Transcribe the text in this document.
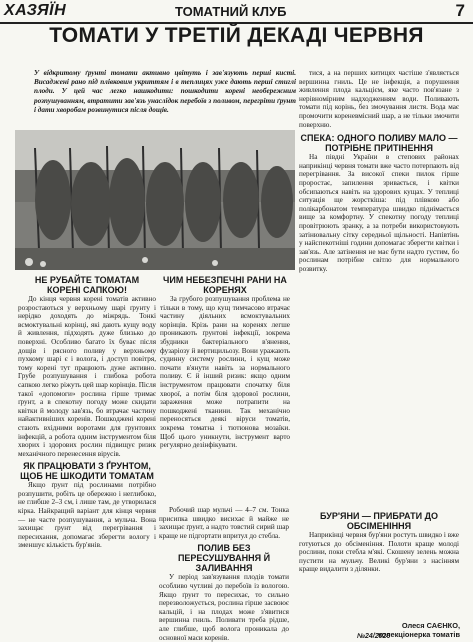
ХАЗЯЇН	ТОМАТНИЙ КЛУБ	7
ТОМАТИ У ТРЕТІЙ ДЕКАДІ ЧЕРВНЯ
У відкритому ґрунті томати активно цвітуть і зав'язують перші кисті. Висаджені рано під плівковим укриттям і в теплицях уже дають перші стиглі плоди. У цей час легко нашкодити: пошкодити корені необережним розпушуванням, втратити зав'язь унаслідок перебоїв з поливом, перегріти ґрунт і дати хворобам розвинутися після дощів.
НЕ РУБАЙТЕ ТОМАТАМ КОРЕНІ САПКОЮ!

До кінця червня корені томатів активно розростаються у верхньому шарі ґрунту і нерідко доходять до міжрядь. Тонкі всмоктувальні корінці, які дають кущу воду й живлення, підходять дуже близько до поверхні. Особливо багато їх буває після дощів і рясного поливу у верхньому пухкому шарі є і волога, і доступ повітря, тому корені тут працюють дуже активно. Грубе розпушування і глибока робота сапкою легко ріжуть цей шар корінців. Після такої «допомоги» рослина гірше тримає ґрунт, а в спекотну погоду може скидати квітки й молоду зав'язь, бо втрачає частину найактивніших коренів. Пошкоджені корені стають вхідними воротами для ґрунтових інфекцій, а робота одним інструментом біля хворих і здорових рослин підвищує ризик механічного перенесення вірусів.

ЯК ПРАЦЮВАТИ З ҐРУНТОМ, ЩОБ НЕ ШКОДИТИ ТОМАТАМ

Якщо ґрунт під рослинами потрібно розпушити, робіть це обережно і неглибоко, не глибше 2–3 см, і лише там, де утворилася кірка. Найкращий варіант для кінця червня — не часте розпушування, а мульча. Вона захищає ґрунт від перегрівання і пересихання, допомагає зберегти вологу і зменшує кількість бур'янів.

ЧИМ НЕБЕЗПЕЧНІ РАНИ НА КОРЕНЯХ

За грубого розпушування проблема не тільки в тому, що кущ тимчасово втрачає частину діяльних всмоктувальних корінців. Крізь рани на коренях легше проникають ґрунтові інфекції, зокрема збудники бактеріального в'янення, фузаріозу й вертицильозу. Вони уражають судинну систему рослини, і кущ може почати в'янути навіть за нормального поливу. Є й інший ризик: якщо одним інструментом працювати спочатку біля хворої, а потім біля здорової рослини, зараження може потрапити на пошкоджені тканини. Так механічно переносяться деякі віруси томатів, зокрема томатна і тютюнова мозаїки. Щоб цього уникнути, інструмент варто регулярно дезінфікувати.

Робочий шар мульчі — 4–7 см. Тонка присипка швидко висихає й майже не захищає ґрунт, а надто товстий сирий шар краще не підгортати впритул до стебла.

ПОЛИВ БЕЗ ПЕРЕСУШУВАННЯ Й ЗАЛИВАННЯ

У період зав'язування плодів томати особливо чутливі до перебоїв із вологою. Якщо ґрунт то пересихає, то сильно перезволожується, рослина гірше засвоює кальцій, і на плодах може з'явитися вершинна гниль. Поливати треба рідше, але глибше, щоб волога проникала до основної маси коренів.

тися, а на перших китицях частіше з'являється вершинна гниль. Це не інфекція, а порушення живлення плода кальцієм, яке часто пов'язане з нерівномірним надходженням води. Поливають томати під корінь, без змочування листя. Вода має промочити кореневмісний шар, а не тільки змочити поверхню.

СПЕКА: ОДНОГО ПОЛИВУ МАЛО — ПОТРІБНЕ ПРИТІНЕННЯ

На півдні України в степових районах наприкінці червня томати вже часто потерпають від перегрівання. За високої спеки пилок гірше проростає, запилення зривається, і квітки обсипаються навіть на здорових кущах. У теплиці ситуація ще жорсткіша: під плівкою або полікарбонатом температура швидко піднімається вище за комфортну. У спекотну погоду теплиці провітрюють зранку, а за потреби використовують затінювальну сітку середньої щільності. Напівтінь у найспекотніші години допомагає зберегти квітки і зав'язь. Але затінення не має бути надто густим, бо рослинам потрібне світло для нормального розвитку.

БУР'ЯНИ — ПРИБРАТИ ДО ОБСІМЕНІННЯ

Наприкінці червня бур'яни ростуть швидко і вже готуються до обсіменіння. Полоти краще молоді рослини, поки стебла м'які. Скошену зелень можна пустити на мульчу. Великі бур'яни з насінням краще видалити з ділянки.

Олеся САЄНКО,
колекціонерка томатів
№24/2026
